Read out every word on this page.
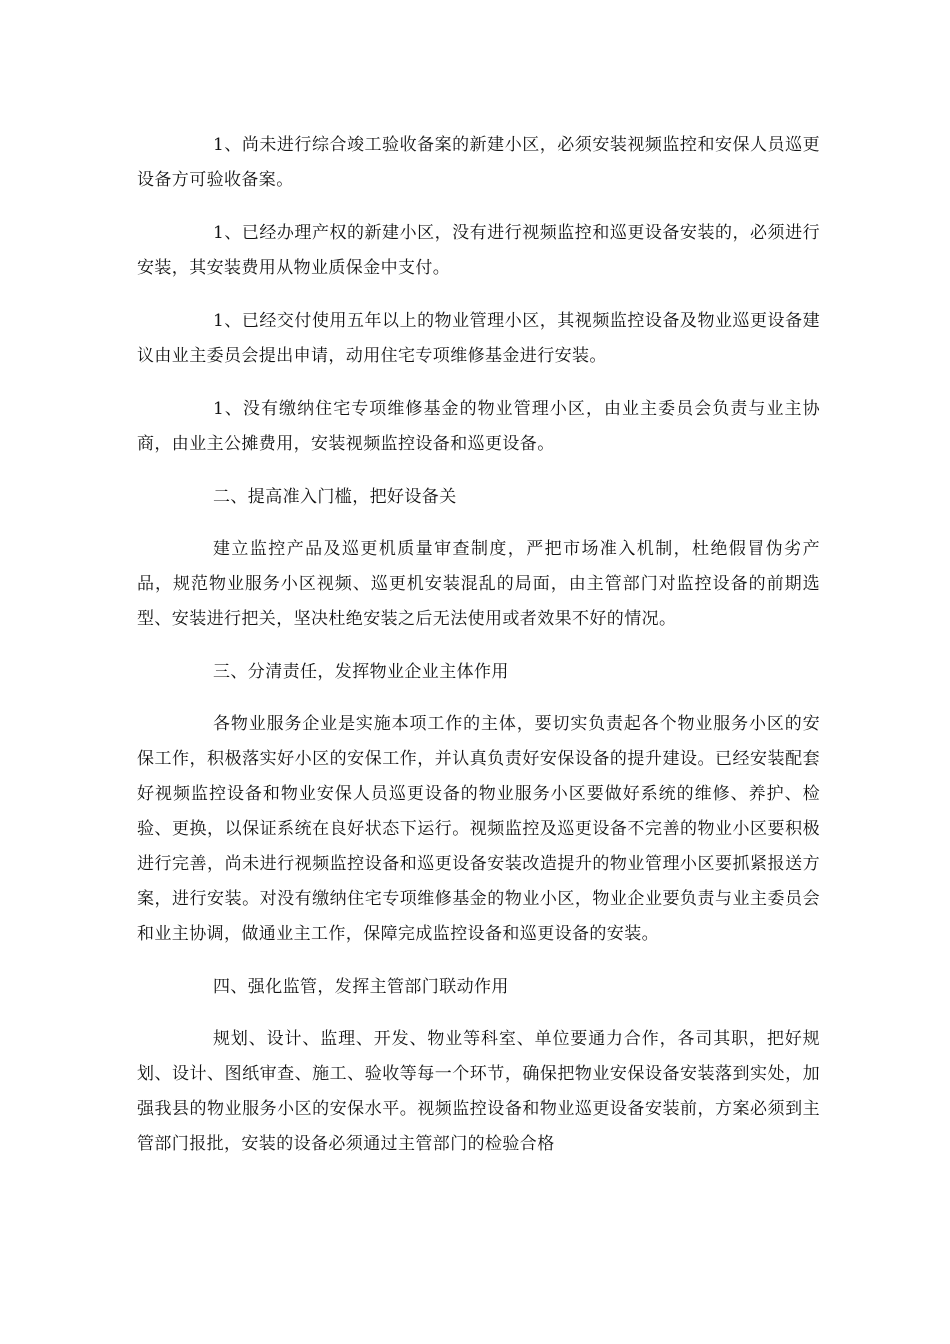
1、尚未进行综合竣工验收备案的新建小区，必须安装视频监控和安保人员巡更设备方可验收备案。

1、已经办理产权的新建小区，没有进行视频监控和巡更设备安装的，必须进行安装，其安装费用从物业质保金中支付。

1、已经交付使用五年以上的物业管理小区，其视频监控设备及物业巡更设备建议由业主委员会提出申请，动用住宅专项维修基金进行安装。

1、没有缴纳住宅专项维修基金的物业管理小区，由业主委员会负责与业主协商，由业主公摊费用，安装视频监控设备和巡更设备。

二、提高准入门槛，把好设备关

建立监控产品及巡更机质量审查制度，严把市场准入机制，杜绝假冒伪劣产品，规范物业服务小区视频、巡更机安装混乱的局面，由主管部门对监控设备的前期选型、安装进行把关，坚决杜绝安装之后无法使用或者效果不好的情况。

三、分清责任，发挥物业企业主体作用

各物业服务企业是实施本项工作的主体，要切实负责起各个物业服务小区的安保工作，积极落实好小区的安保工作，并认真负责好安保设备的提升建设。已经安装配套好视频监控设备和物业安保人员巡更设备的物业服务小区要做好系统的维修、养护、检验、更换，以保证系统在良好状态下运行。视频监控及巡更设备不完善的物业小区要积极进行完善，尚未进行视频监控设备和巡更设备安装改造提升的物业管理小区要抓紧报送方案，进行安装。对没有缴纳住宅专项维修基金的物业小区，物业企业要负责与业主委员会和业主协调，做通业主工作，保障完成监控设备和巡更设备的安装。

四、强化监管，发挥主管部门联动作用

规划、设计、监理、开发、物业等科室、单位要通力合作，各司其职，把好规划、设计、图纸审查、施工、验收等每一个环节，确保把物业安保设备安装落到实处，加强我县的物业服务小区的安保水平。视频监控设备和物业巡更设备安装前，方案必须到主管部门报批，安装的设备必须通过主管部门的检验合格
